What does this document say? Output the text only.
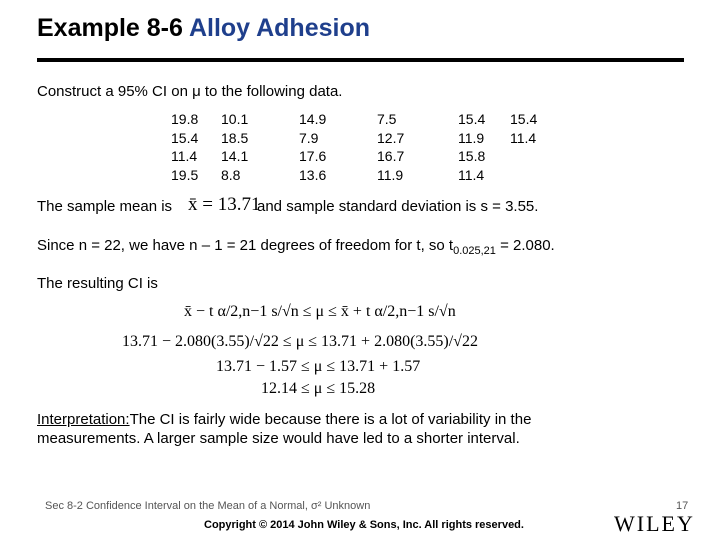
Example 8-6 Alloy Adhesion
Construct a 95% CI on μ to the following data.
19.8
15.4
11.4
19.5
10.1
18.5
14.1
8.8
14.9
7.9
17.6
13.6
7.5
12.7
16.7
11.9
15.4
11.9
15.8
11.4
15.4
11.4
The sample mean is x̄ = 13.71
and sample standard deviation is s = 3.55.
Since n = 22, we have n – 1 = 21 degrees of freedom for t, so $t_{0.025,21} = 2.080$.
The resulting CI is
x̄ − t α/2,n−1 s/√n ≤ μ ≤ x̄ + t α/2,n−1 s/√n
13.71 − 2.080(3.55)/√22 ≤ μ ≤ 13.71 + 2.080(3.55)/√22
13.71 − 1.57 ≤ μ ≤ 13.71 + 1.57
12.14 ≤ μ ≤ 15.28
Interpretation:The CI is fairly wide because there is a lot of variability in the
measurements. A larger sample size would have led to a shorter interval.
Sec 8-2 Confidence Interval on the Mean of a Normal, σ² Unknown	17
Copyright © 2014 John Wiley & Sons, Inc. All rights reserved.	WILEY
